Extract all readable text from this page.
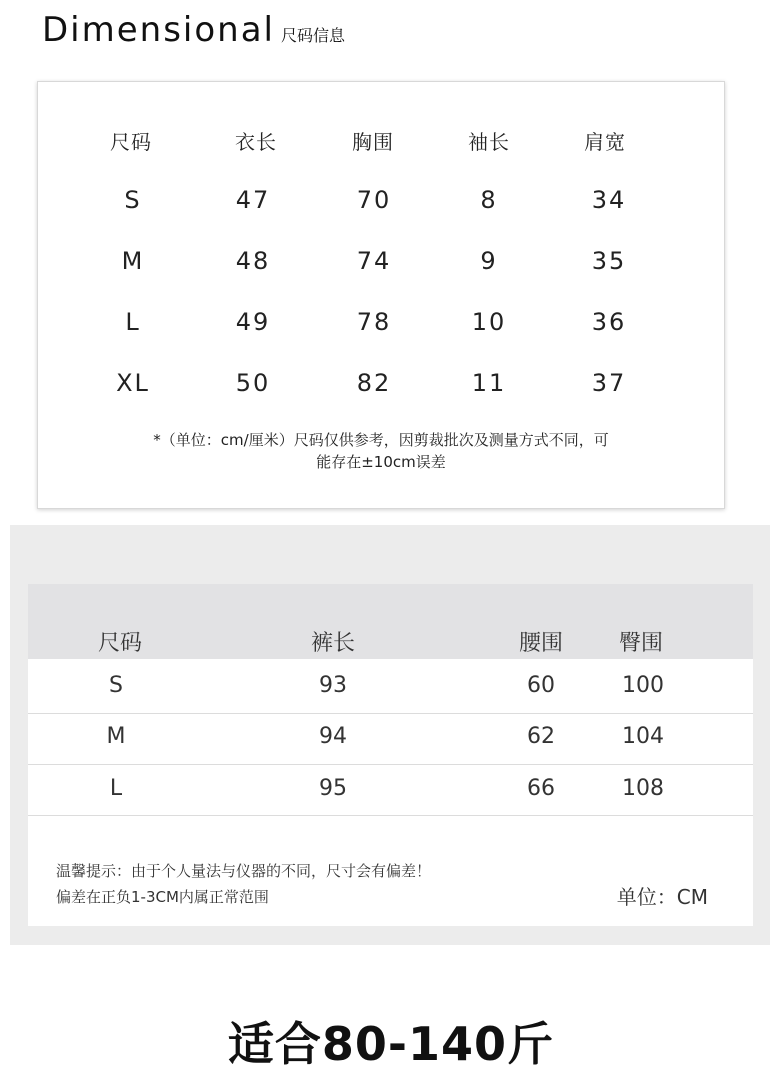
Dimensional 尺码信息
尺码	衣长	胸围	袖长	肩宽
S	47	70	8	34
M	48	74	9	35
L	49	78	10	36
XL	50	82	11	37
*（单位：cm/厘米）尺码仅供参考，因剪裁批次及测量方式不同，可
能存在±10cm误差
尺码	裤长	腰围	臀围
S	93	60	100
M	94	62	104
L	95	66	108
温馨提示：由于个人量法与仪器的不同，尺寸会有偏差！
偏差在正负1-3CM内属正常范围	单位：CM
适合80-140斤
